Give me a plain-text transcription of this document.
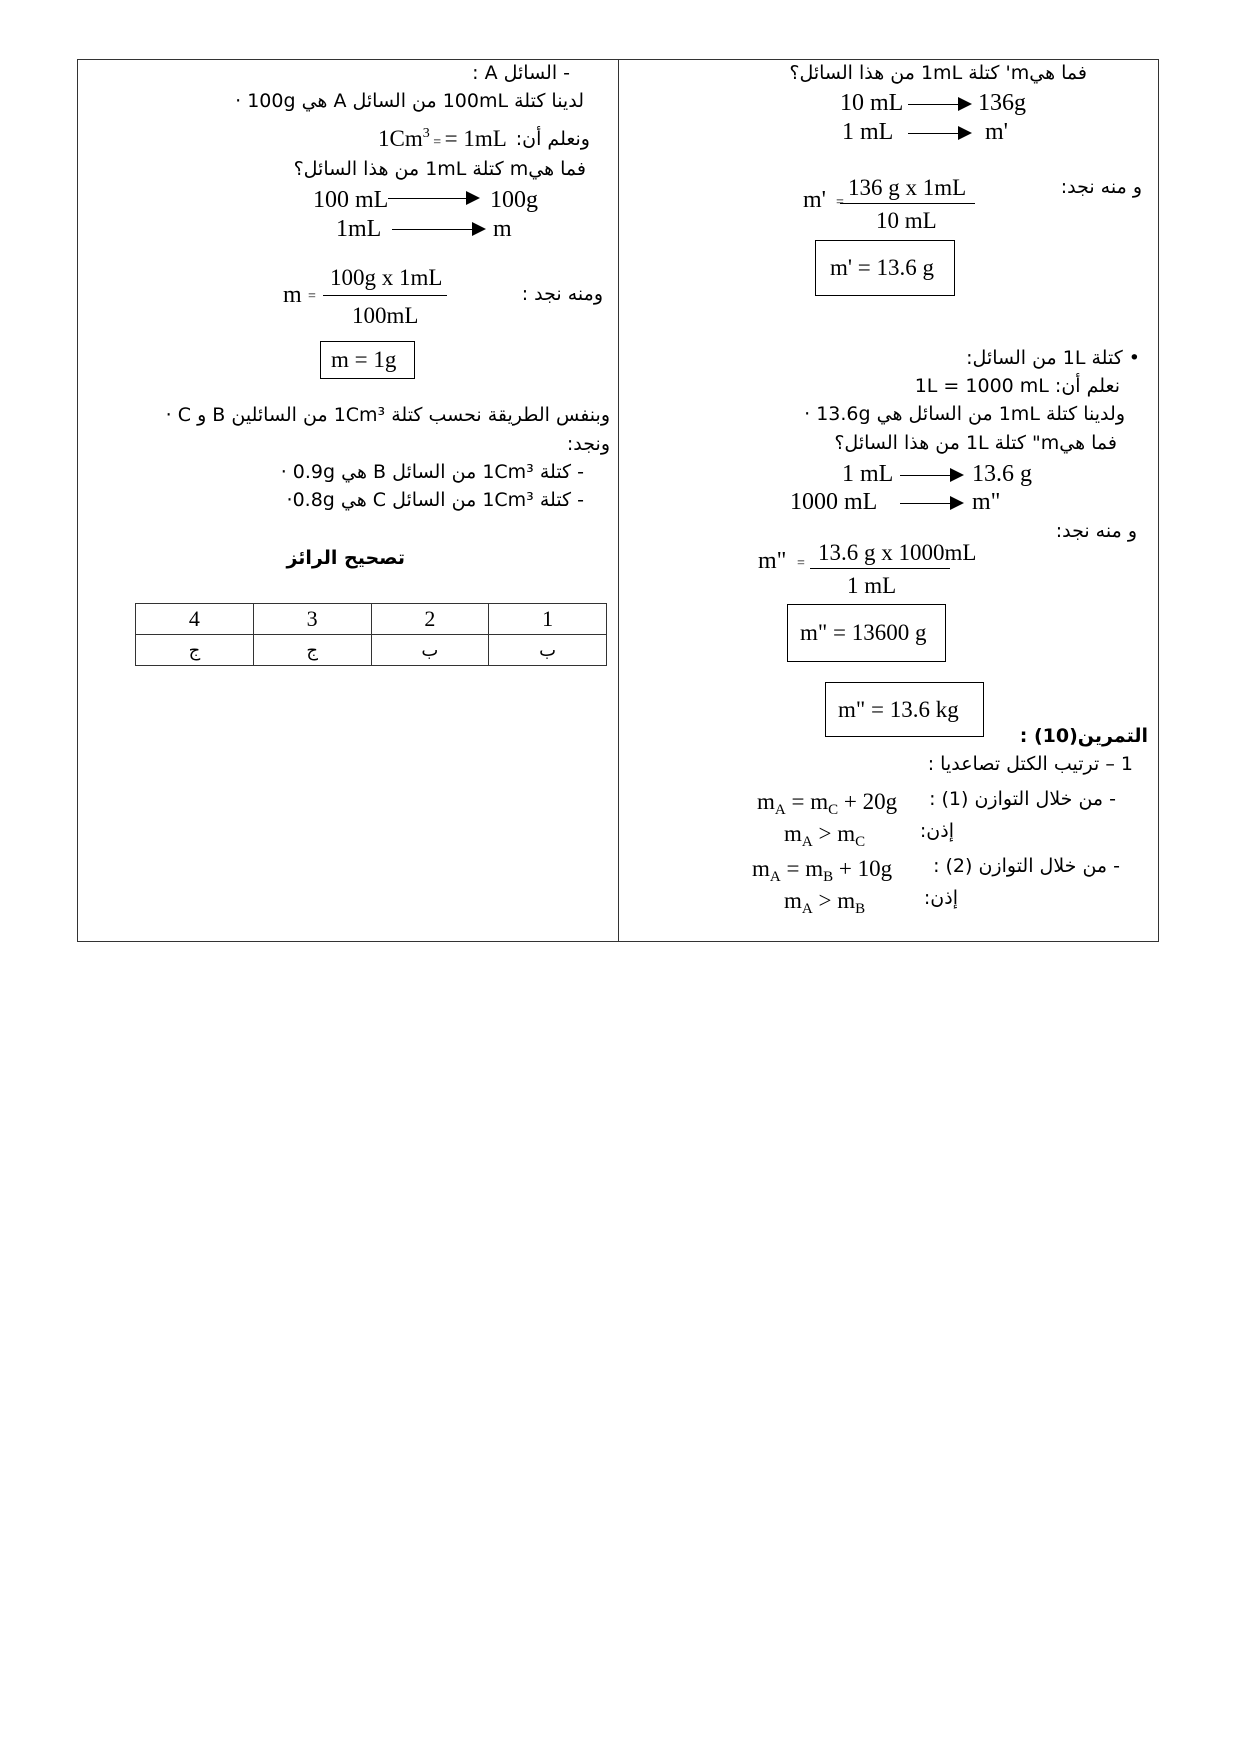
فما هيm' كتلة 1mL من هذا السائل؟
10 mL	136g
1 mL	m'
و منه نجد:
m' =
136 g x 1mL
10 mL
m' = 13.6 g
• كتلة 1L من السائل:
نعلم أن: 1L = 1000 mL
ولدينا كتلة 1mL من السائل هي 13.6g ·
فما هيm" كتلة 1L من هذا السائل؟
1 mL	13.6 g
1000 mL	m"
و منه نجد:
m" = 13.6 g x 1000mL
1 mL
m" = 13600 g
m" = 13.6 kg
التمرين(10) :
1 – ترتيب الكتل تصاعديا :
- من خلال التوازن (1) :
$m_A = m_C + 20g$
إذن:
$m_A > m_C$
- من خلال التوازن (2) :
$m_A = m_B + 10g$
إذن:
$m_A > m_B$
- السائل A :
لدينا كتلة 100mL من السائل A هي 100g ·
ونعلم أن:
$1Cm^3$ = = 1mL
فما هيm كتلة 1mL من هذا السائل؟
100 mL	100g
1mL	m
ومنه نجد :
m =
100g x 1mL
100mL
m = 1g
وبنفس الطريقة نحسب كتلة 1Cm³ من السائلين B و C ·
ونجد:
- كتلة 1Cm³ من السائل B هي 0.9g ·
- كتلة 1Cm³ من السائل C هي 0.8g·
تصحيح الرائز
4	3	2	1
ج	ج	ب	ب
